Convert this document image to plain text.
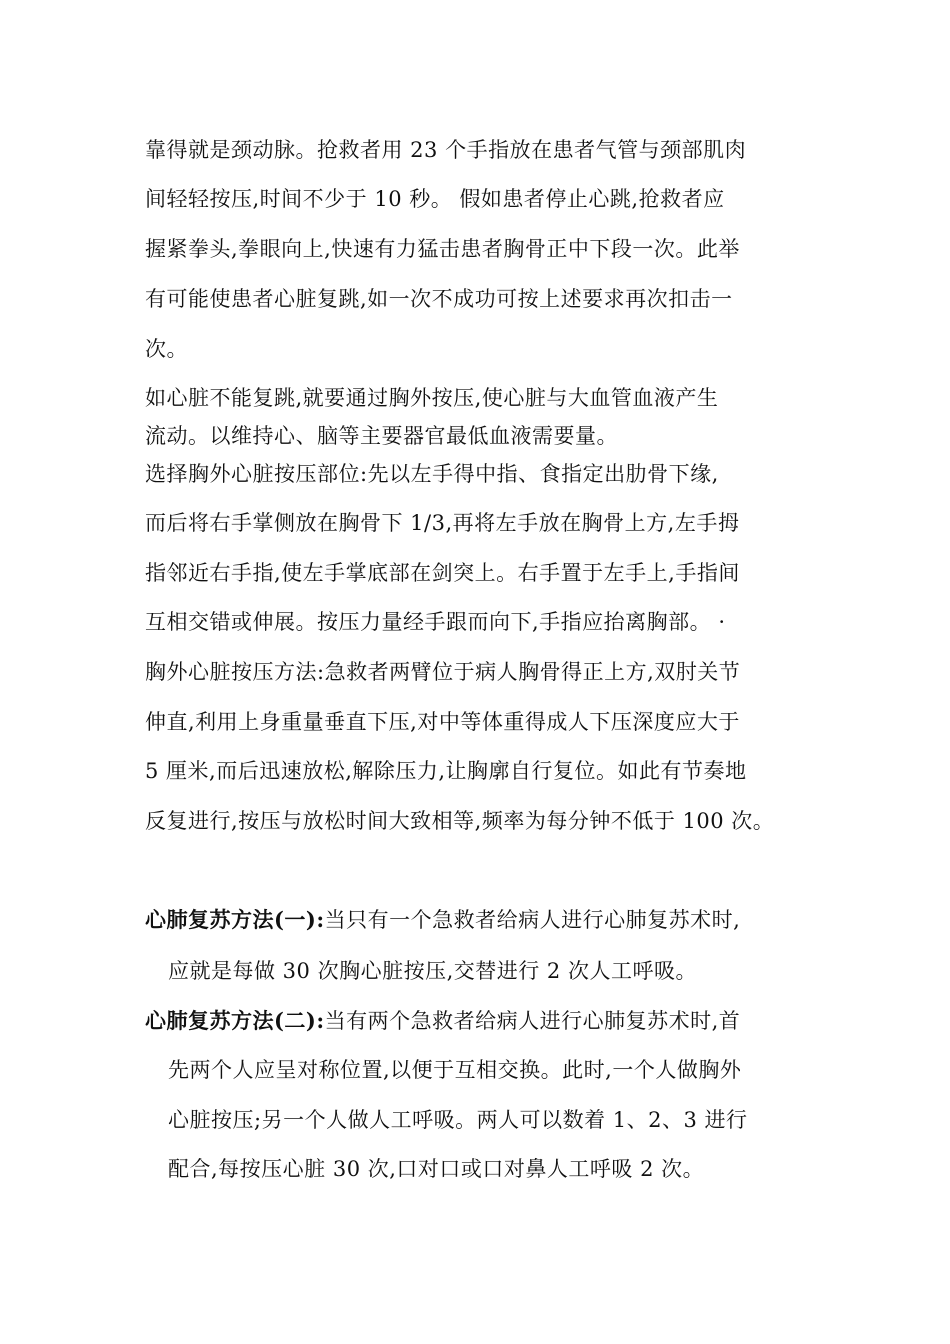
靠得就是颈动脉。抢救者用 23 个手指放在患者气管与颈部肌肉
间轻轻按压,时间不少于 10 秒。 假如患者停止心跳,抢救者应
握紧拳头,拳眼向上,快速有力猛击患者胸骨正中下段一次。此举
有可能使患者心脏复跳,如一次不成功可按上述要求再次扣击一
次。
如心脏不能复跳,就要通过胸外按压,使心脏与大血管血液产生
流动。以维持心、脑等主要器官最低血液需要量。
选择胸外心脏按压部位:先以左手得中指、食指定出肋骨下缘,
而后将右手掌侧放在胸骨下 1/3,再将左手放在胸骨上方,左手拇
指邻近右手指,使左手掌底部在剑突上。右手置于左手上,手指间
互相交错或伸展。按压力量经手跟而向下,手指应抬离胸部。 ·
胸外心脏按压方法:急救者两臂位于病人胸骨得正上方,双肘关节
伸直,利用上身重量垂直下压,对中等体重得成人下压深度应大于
5 厘米,而后迅速放松,解除压力,让胸廓自行复位。如此有节奏地
反复进行,按压与放松时间大致相等,频率为每分钟不低于 100 次。
心肺复苏方法(一):当只有一个急救者给病人进行心肺复苏术时,
应就是每做 30 次胸心脏按压,交替进行 2 次人工呼吸。
心肺复苏方法(二):当有两个急救者给病人进行心肺复苏术时,首
先两个人应呈对称位置,以便于互相交换。此时,一个人做胸外
心脏按压;另一个人做人工呼吸。两人可以数着 1、2、3 进行
配合,每按压心脏 30 次,口对口或口对鼻人工呼吸 2 次。
